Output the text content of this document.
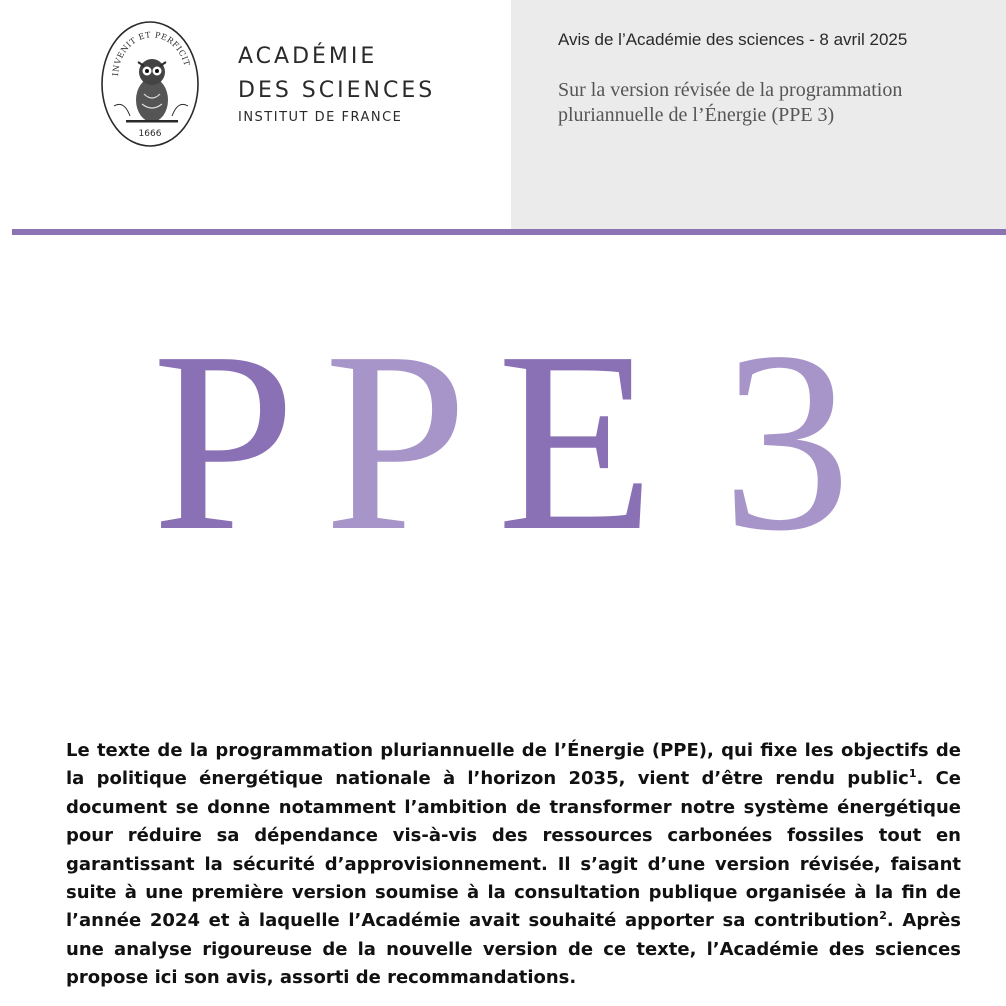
INVENIT ET PERFICIT
1666
ACADÉMIE
DES SCIENCES
INSTITUT DE FRANCE
Avis de l’Académie des sciences - 8 avril 2025
Sur la version révisée de la programmation
pluriannuelle de l’Énergie (PPE 3)
P P E 3
Le texte de la programmation pluriannuelle de l’Énergie (PPE), qui fixe les objectifs de la politique énergétique nationale à l’horizon 2035, vient d’être rendu public$^1$. Ce document se donne notamment l’ambition de transformer notre système énergétique pour réduire sa dépendance vis-à-vis des ressources carbonées fossiles tout en garantissant la sécurité d’approvisionnement. Il s’agit d’une version révisée, faisant suite à une première version soumise à la consultation publique organisée à la fin de l’année 2024 et à laquelle l’Académie avait souhaité apporter sa contribution$^2$. Après une analyse rigoureuse de la nouvelle version de ce texte, l’Académie des sciences propose ici son avis, assorti de recommandations.
